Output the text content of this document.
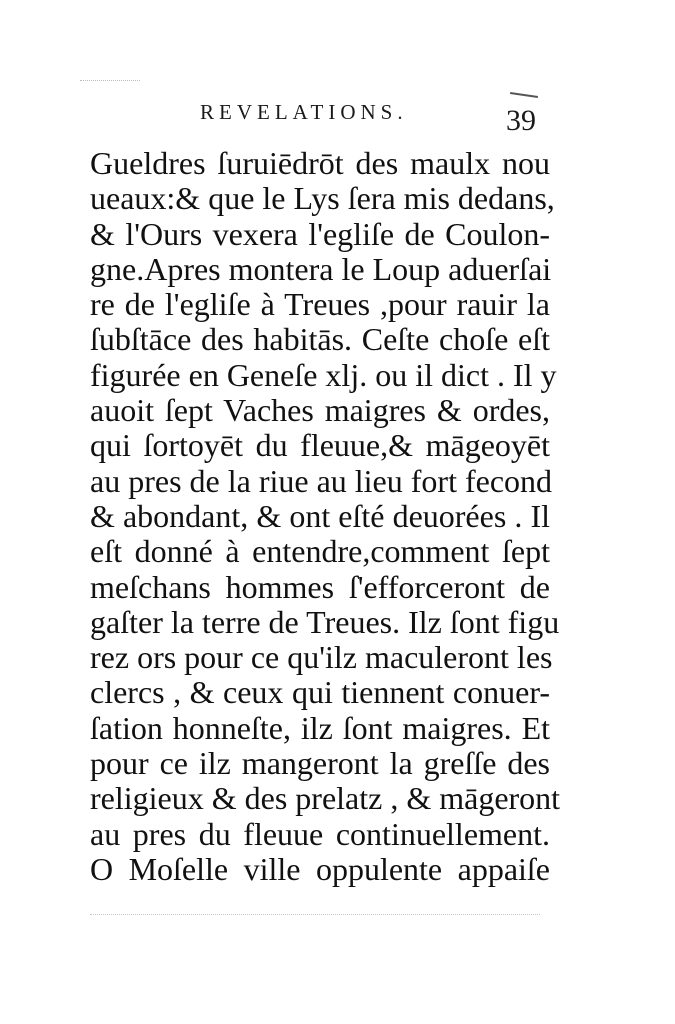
REVELATIONS.	39
Gueldres ſuruiēdrōt des maulx nou
ueaux:& que le Lys ſera mis dedans,
& l'Ours vexera l'egliſe de Coulon-
gne.Apres montera le Loup aduerſai
re de l'egliſe à Treues ,pour rauir la
ſubſtāce des habitās. Ceſte choſe eſt
figurée en Geneſe xlj. ou il dict . Il y
auoit ſept Vaches maigres & ordes,
qui ſortoyēt du fleuue,& māgeoyēt
au pres de la riue au lieu fort fecond
& abondant, & ont eſté deuorées . Il
eſt donné à entendre,comment ſept
meſchans hommes ſ'efforceront de
gaſter la terre de Treues. Ilz ſont figu
rez ors pour ce qu'ilz maculeront les
clercs , & ceux qui tiennent conuer-
ſation honneſte, ilz ſont maigres. Et
pour ce ilz mangeront la greſſe des
religieux & des prelatz , & māgeront
au pres du fleuue continuellement.
O Moſelle ville oppulente appaiſe
